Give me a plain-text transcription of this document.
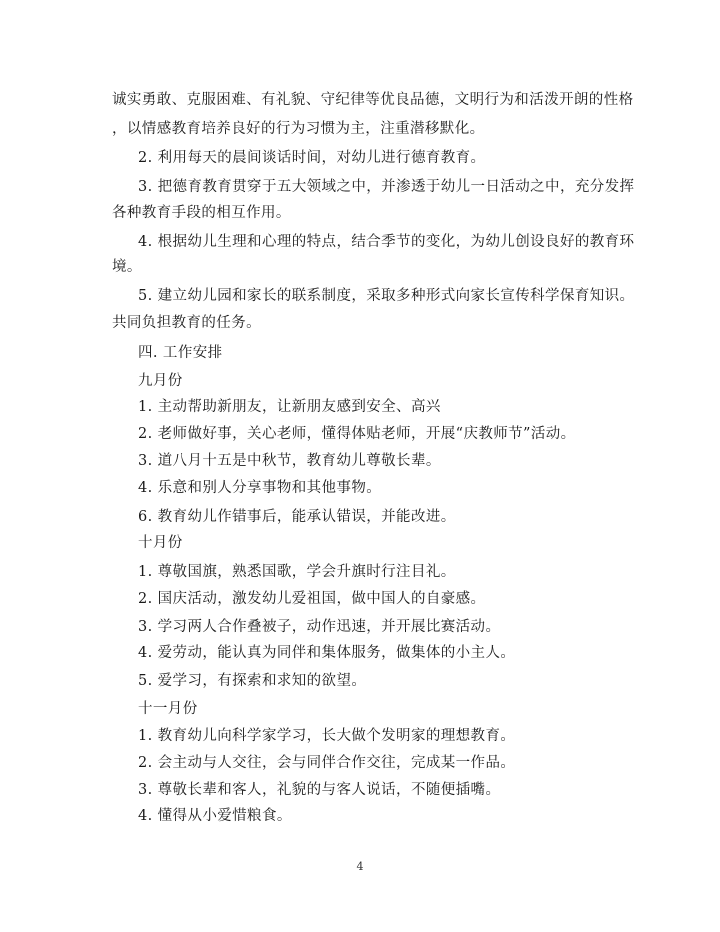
诚实勇敢、克服困难、有礼貌、守纪律等优良品德，文明行为和活泼开朗的性格
，以情感教育培养良好的行为习惯为主，注重潜移默化。
2. 利用每天的晨间谈话时间，对幼儿进行德育教育。
3. 把德育教育贯穿于五大领域之中，并渗透于幼儿一日活动之中，充分发挥
各种教育手段的相互作用。
4. 根据幼儿生理和心理的特点，结合季节的变化，为幼儿创设良好的教育环
境。
5. 建立幼儿园和家长的联系制度，采取多种形式向家长宣传科学保育知识。
共同负担教育的任务。
四. 工作安排
九月份
1. 主动帮助新朋友，让新朋友感到安全、高兴
2. 老师做好事，关心老师，懂得体贴老师，开展“庆教师节”活动。
3. 道八月十五是中秋节，教育幼儿尊敬长辈。
4. 乐意和别人分享事物和其他事物。
6. 教育幼儿作错事后，能承认错误，并能改进。
十月份
1. 尊敬国旗，熟悉国歌，学会升旗时行注目礼。
2. 国庆活动，激发幼儿爱祖国，做中国人的自豪感。
3. 学习两人合作叠被子，动作迅速，并开展比赛活动。
4. 爱劳动，能认真为同伴和集体服务，做集体的小主人。
5. 爱学习，有探索和求知的欲望。
十一月份
1. 教育幼儿向科学家学习，长大做个发明家的理想教育。
2. 会主动与人交往，会与同伴合作交往，完成某一作品。
3. 尊敬长辈和客人，礼貌的与客人说话，不随便插嘴。
4. 懂得从小爱惜粮食。
4
